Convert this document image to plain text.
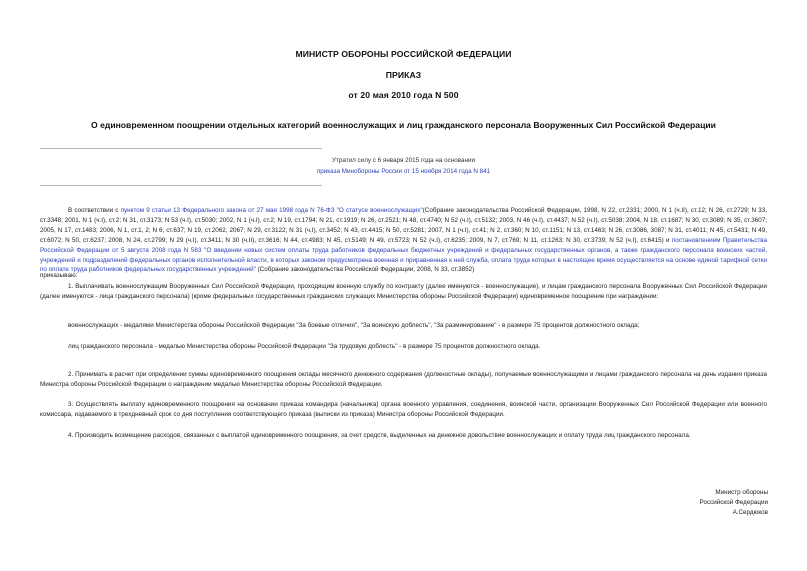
МИНИСТР ОБОРОНЫ РОССИЙСКОЙ ФЕДЕРАЦИИ
ПРИКАЗ
от 20 мая 2010 года N 500
О единовременном поощрении отдельных категорий военнослужащих и лиц гражданского персонала Вооруженных Сил Российской Федерации
Утратил силу с 6 января 2015 года на основании
приказа Минобороны России от 15 ноября 2014 года N 841
В соответствии с пунктом 9 статьи 13 Федерального закона от 27 мая 1998 года N 76-ФЗ "О статусе военнослужащих"(Собрание законодательства Российской Федерации, 1998, N 22, ст.2331; 2000, N 1 (ч.II), ст.12; N 26, ст.2729; N 33, ст.3348; 2001, N 1 (ч.I), ст.2; N 31, ст.3173; N 53 (ч.I), ст.5030; 2002, N 1 (ч.I), ст.2; N 19, ст.1794; N 21, ст.1919; N 26, ст.2521; N 48, ст.4740; N 52 (ч.I), ст.5132; 2003, N 46 (ч.I), ст.4437; N 52 (ч.I), ст.5038; 2004, N 18, ст.1687; N 30, ст.3089; N 35, ст.3607; 2005, N 17, ст.1483; 2006, N 1, ст.1, 2; N 6, ст.637; N 19, ст.2062, 2067; N 29, ст.3122; N 31 (ч.I), ст.3452; N 43, ст.4415; N 50, ст.5281; 2007, N 1 (ч.I), ст.41; N 2, ст.360; N 10, ст.1151; N 13, ст.1463; N 26, ст.3086, 3087; N 31, ст.4011; N 45, ст.5431; N 49, ст.6072; N 50, ст.6237; 2008, N 24, ст.2799; N 29 (ч.I), ст.3411; N 30 (ч.II), ст.3616; N 44, ст.4983; N 45, ст.5149; N 49, ст.5723; N 52 (ч.I), ст.6235; 2009, N 7, ст.769; N 11, ст.1263; N 30, ст.3739; N 52 (ч.I), ст.6415) и постановлением Правительства Российской Федерации от 5 августа 2008 года N 583 "О введении новых систем оплаты труда работников федеральных бюджетных учреждений и федеральных государственных органов, а также гражданского персонала воинских частей, учреждений и подразделений федеральных органов исполнительной власти, в которых законом предусмотрена военная и приравненная к ней служба, оплата труда которых в настоящее время осуществляется на основе единой тарифной сетки по оплате труда работников федеральных государственных учреждений" (Собрание законодательства Российской Федерации, 2008, N 33, ст.3852)
приказываю:
1. Выплачивать военнослужащим Вооруженных Сил Российской Федерации, проходящим военную службу по контракту (далее именуются - военнослужащие), и лицам гражданского персонала Вооруженных Сил Российской Федерации (далее именуются - лица гражданского персонала) (кроме федеральных государственных гражданских служащих Министерства обороны Российской Федерации) единовременное поощрение при награждении:
военнослужащих - медалями Министерства обороны Российской Федерации "За боевые отличия", "За воинскую доблесть", "За разминирование" - в размере 75 процентов должностного оклада;
лиц гражданского персонала - медалью Министерства обороны Российской Федерации "За трудовую доблесть" - в размере 75 процентов должностного оклада.
2. Принимать в расчет при определении суммы единовременного поощрения оклады месячного денежного содержания (должностные оклады), получаемые военнослужащими и лицами гражданского персонала на день издания приказа Министра обороны Российской Федерации о награждении медалью Министерства обороны Российской Федерации.
3. Осуществлять выплату единовременного поощрения на основании приказа командира (начальника) органа военного управления, соединения, воинской части, организации Вооруженных Сил Российской Федерации или военного комиссара, издаваемого в трехдневный срок со дня поступления соответствующего приказа (выписки из приказа) Министра обороны Российской Федерации.
4. Производить возмещение расходов, связанных с выплатой единовременного поощрения, за счет средств, выделенных на денежное довольствие военнослужащих и оплату труда лиц гражданского персонала.
Министр обороны
Российской Федерации
А.Сердюков
